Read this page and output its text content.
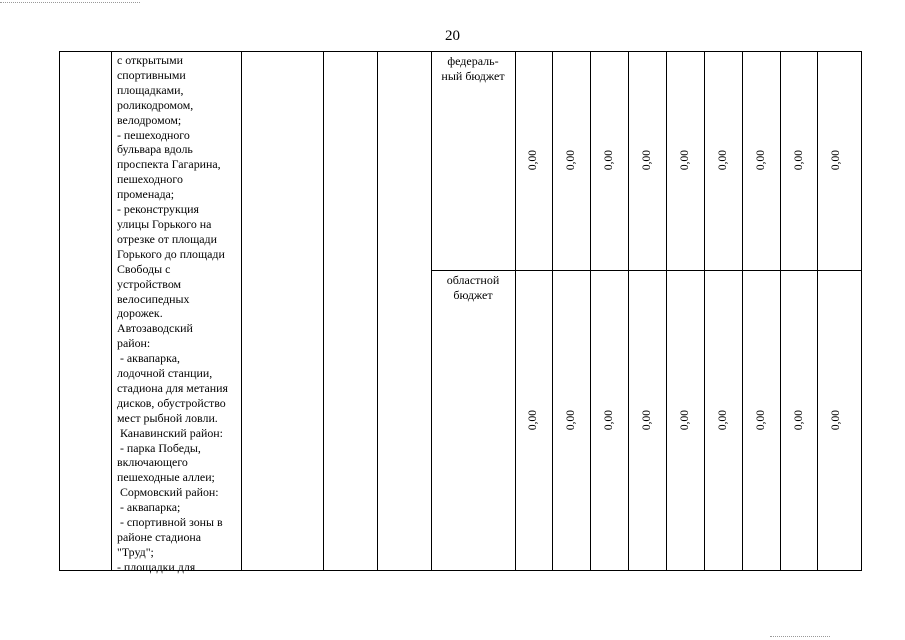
20
с открытыми
спортивными
площадками,
роликодромом,
велодромом;
- пешеходного
бульвара вдоль
проспекта Гагарина,
пешеходного
променада;
- реконструкция
улицы Горького на
отрезке от площади
Горького до площади
Свободы с
устройством
велосипедных
дорожек.
Автозаводский
район:
- аквапарка,
лодочной станции,
стадиона для метания
дисков, обустройство
мест рыбной ловли.
Канавинский район:
- парка Победы,
включающего
пешеходные аллеи;
Сормовский район:
- аквапарка;
- спортивной зоны в
районе стадиона
"Труд";
- площадки для
федераль-
ный бюджет
областной
бюджет
0,00 0,00 0,00 0,00 0,00 0,00 0,00 0,00 0,00
0,00 0,00 0,00 0,00 0,00 0,00 0,00 0,00 0,00
